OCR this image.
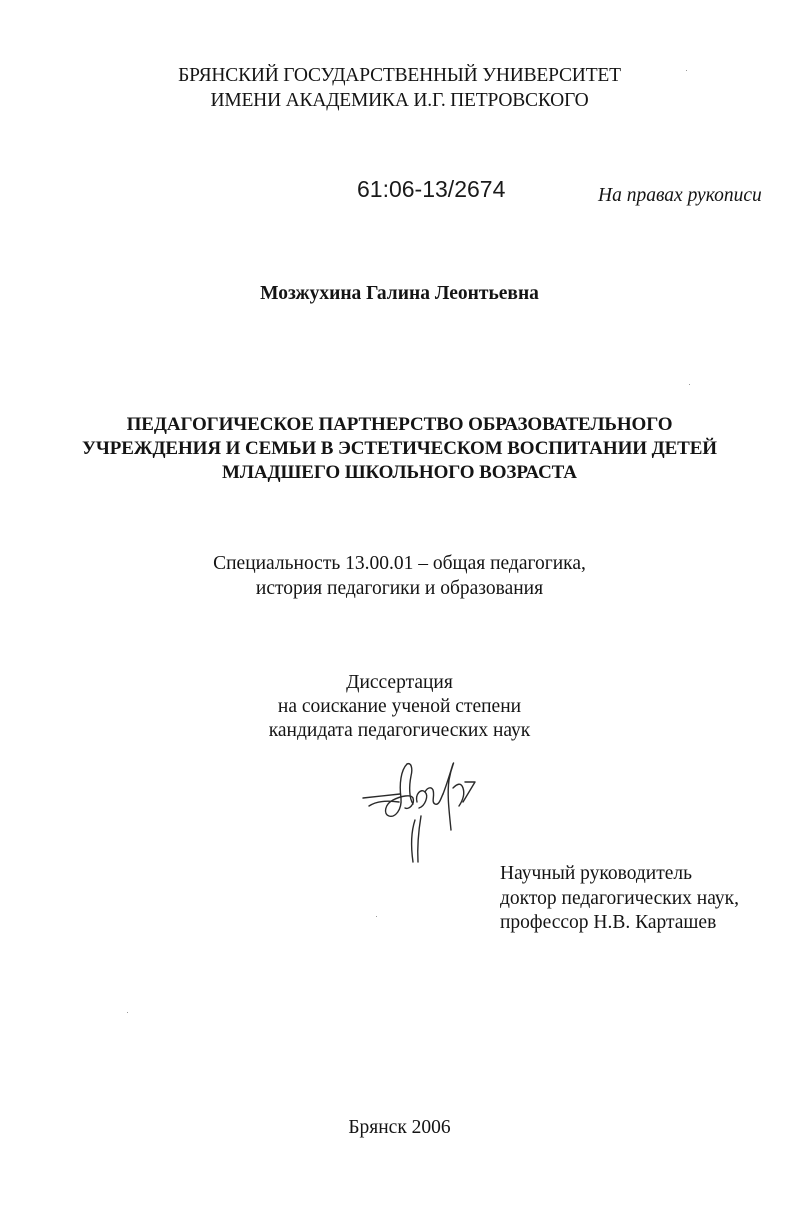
БРЯНСКИЙ ГОСУДАРСТВЕННЫЙ УНИВЕРСИТЕТ
ИМЕНИ АКАДЕМИКА И.Г. ПЕТРОВСКОГО
61:06-13/2674	На правах рукописи
Мозжухина Галина Леонтьевна
ПЕДАГОГИЧЕСКОЕ ПАРТНЕРСТВО ОБРАЗОВАТЕЛЬНОГО
УЧРЕЖДЕНИЯ И СЕМЬИ В ЭСТЕТИЧЕСКОМ ВОСПИТАНИИ ДЕТЕЙ
МЛАДШЕГО ШКОЛЬНОГО ВОЗРАСТА
Специальность 13.00.01 – общая педагогика,
история педагогики и образования
Диссертация
на соискание ученой степени
кандидата педагогических наук
Научный руководитель
доктор педагогических наук,
профессор Н.В. Карташев
Брянск 2006
